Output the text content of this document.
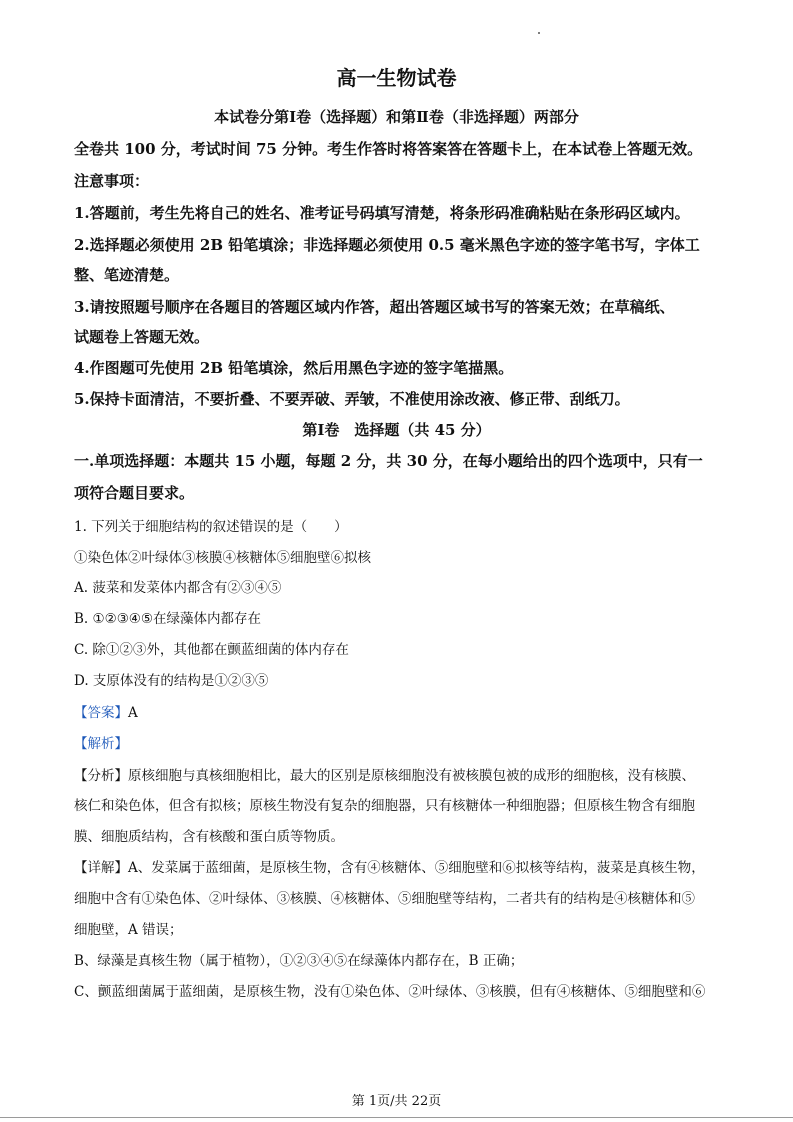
高一生物试卷
本试卷分第Ⅰ卷（选择题）和第Ⅱ卷（非选择题）两部分
全卷共 100 分，考试时间 75 分钟。考生作答时将答案答在答题卡上，在本试卷上答题无效。
注意事项：
1.答题前，考生先将自己的姓名、准考证号码填写清楚，将条形码准确粘贴在条形码区域内。
2.选择题必须使用 2B 铅笔填涂；非选择题必须使用 0.5 毫米黑色字迹的签字笔书写，字体工
整、笔迹清楚。
3.请按照题号顺序在各题目的答题区域内作答，超出答题区域书写的答案无效；在草稿纸、
试题卷上答题无效。
4.作图题可先使用 2B 铅笔填涂，然后用黑色字迹的签字笔描黑。
5.保持卡面清洁，不要折叠、不要弄破、弄皱，不准使用涂改液、修正带、刮纸刀。
第Ⅰ卷　选择题（共 45 分）
一.单项选择题：本题共 15 小题，每题 2 分，共 30 分，在每小题给出的四个选项中，只有一
项符合题目要求。
1. 下列关于细胞结构的叙述错误的是（　　）
①染色体②叶绿体③核膜④核糖体⑤细胞壁⑥拟核
A. 菠菜和发菜体内都含有②③④⑤
B. ①②③④⑤在绿藻体内都存在
C. 除①②③外，其他都在颤蓝细菌的体内存在
D. 支原体没有的结构是①②③⑤
【答案】A
【解析】
【分析】原核细胞与真核细胞相比，最大的区别是原核细胞没有被核膜包被的成形的细胞核，没有核膜、
核仁和染色体，但含有拟核；原核生物没有复杂的细胞器，只有核糖体一种细胞器；但原核生物含有细胞
膜、细胞质结构，含有核酸和蛋白质等物质。
【详解】A、发菜属于蓝细菌，是原核生物，含有④核糖体、⑤细胞壁和⑥拟核等结构，菠菜是真核生物，
细胞中含有①染色体、②叶绿体、③核膜、④核糖体、⑤细胞壁等结构，二者共有的结构是④核糖体和⑤
细胞壁，A 错误；
B、绿藻是真核生物（属于植物），①②③④⑤在绿藻体内都存在，B 正确；
C、颤蓝细菌属于蓝细菌，是原核生物，没有①染色体、②叶绿体、③核膜，但有④核糖体、⑤细胞壁和⑥
第 1页/共 22页
